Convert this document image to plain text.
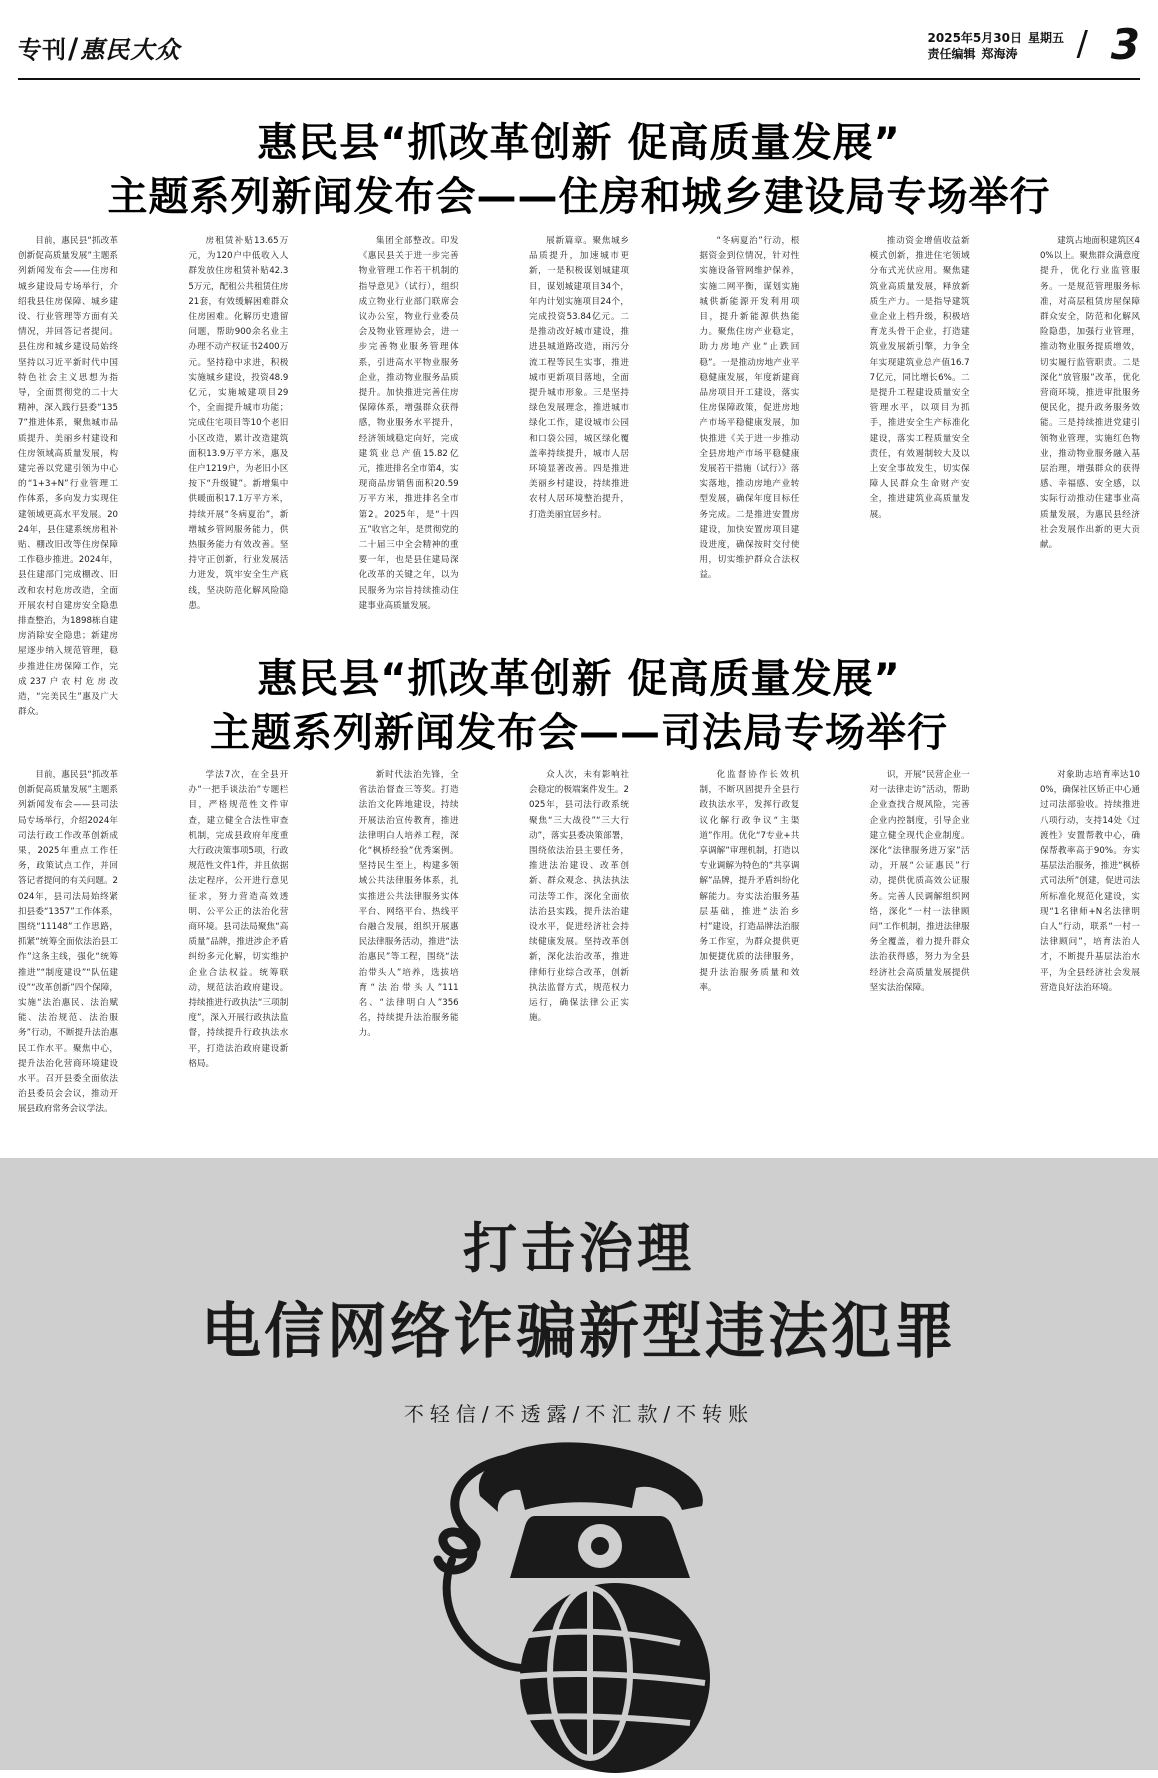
专刊/惠民大众	2025年5月30日 星期五
责任编辑 郑海涛	/ 3
惠民县“抓改革创新 促高质量发展”
主题系列新闻发布会——住房和城乡建设局专场举行

目前，惠民县“抓改革创新促高质量发展”主题系列新闻发布会——住房和城乡建设局专场举行，介绍我县住房保障、城乡建设、行业管理等方面有关情况，并回答记者提问。县住房和城乡建设局始终坚持以习近平新时代中国特色社会主义思想为指导，全面贯彻党的二十大精神，深入践行县委“1357”推进体系，聚焦城市品质提升、美丽乡村建设和住房领域高质量发展，构建完善以党建引领为中心的“1+3+N”行业管理工作体系，多向发力实现住建领域更高水平发展。2024年，县住建系统房租补贴、棚改旧改等住房保障工作稳步推进。2024年，县住建部门完成棚改、旧改和农村危房改造，全面开展农村自建房安全隐患排查整治，为1898栋自建房消除安全隐患；新建房屋逐步纳入规范管理，稳步推进住房保障工作，完成237户农村危房改造，“完美民生”惠及广大群众。

房租赁补贴13.65万元，为120户中低收入人群发放住房租赁补贴42.35万元，配租公共租赁住房21套，有效缓解困难群众住房困难。化解历史遗留问题，帮助900余名业主办理不动产权证书2400万元。坚持稳中求进，积极实施城乡建设，投资48.9亿元，实施城建项目29个，全面提升城市功能；完成住宅项目等10个老旧小区改造，累计改造建筑面积13.9万平方米，惠及住户1219户，为老旧小区按下“升级键”。新增集中供暖面积17.1万平方米，持续开展“冬病夏治”，新增城乡管网服务能力，供热服务能力有效改善。坚持守正创新，行业发展活力迸发，筑牢安全生产底线，坚决防范化解风险隐患。

集团全部整改。印发《惠民县关于进一步完善物业管理工作若干机制的指导意见》（试行），组织成立物业行业部门联席会议办公室，物业行业委员会及物业管理协会，进一步完善物业服务管理体系，引进高水平物业服务企业，推动物业服务品质提升。加快推进完善住房保障体系，增强群众获得感，物业服务水平提升，经济领域稳定向好，完成建筑业总产值15.82亿元，推进排名全市第4，实现商品房销售面积20.59万平方米，推进排名全市第2。2025年，是“十四五”收官之年，是贯彻党的二十届三中全会精神的重要一年，也是县住建局深化改革的关键之年，以为民服务为宗旨持续推动住建事业高质量发展。

展新篇章。聚焦城乡品质提升，加速城市更新，一是积极谋划城建项目，谋划城建项目34个，年内计划实施项目24个，完成投资53.84亿元。二是推动改好城市建设，推进县城道路改造，雨污分流工程等民生实事，推进城市更新项目落地，全面提升城市形象。三是坚持绿色发展理念，推进城市绿化工作，建设城市公园和口袋公园，城区绿化覆盖率持续提升，城市人居环境显著改善。四是推进美丽乡村建设，持续推进农村人居环境整治提升，打造美丽宜居乡村。

“冬病夏治”行动，根据资金到位情况，针对性实施设备管网维护保养，实施二网平衡，谋划实施城供新能源开发利用项目，提升新能源供热能力。聚焦住房产业稳定，助力房地产业“止跌回稳”。一是推动房地产业平稳健康发展，年度新建商品房项目开工建设，落实住房保障政策，促进房地产市场平稳健康发展，加快推进《关于进一步推动全县房地产市场平稳健康发展若干措施（试行）》落实落地，推动房地产业转型发展，确保年度目标任务完成。二是推进安置房建设，加快安置房项目建设进度，确保按时交付使用，切实维护群众合法权益。

推动资金增值收益新模式创新，推进住宅领域分布式光伏应用。聚焦建筑业高质量发展，释放新质生产力。一是指导建筑业企业上档升级，积极培育龙头骨干企业，打造建筑业发展新引擎，力争全年实现建筑业总产值16.77亿元，同比增长6%。二是提升工程建设质量安全管理水平，以项目为抓手，推进安全生产标准化建设，落实工程质量安全责任，有效遏制较大及以上安全事故发生，切实保障人民群众生命财产安全，推进建筑业高质量发展。

建筑占地面积建筑区40%以上。聚焦群众满意度提升，优化行业监管服务。一是规范管理服务标准，对高层租赁房屋保障群众安全，防范和化解风险隐患，加强行业管理，推动物业服务提质增效，切实履行监管职责。二是深化“放管服”改革，优化营商环境，推进审批服务便民化，提升政务服务效能。三是持续推进党建引领物业管理，实施红色物业，推动物业服务融入基层治理，增强群众的获得感、幸福感、安全感，以实际行动推动住建事业高质量发展，为惠民县经济社会发展作出新的更大贡献。

惠民县“抓改革创新 促高质量发展”
主题系列新闻发布会——司法局专场举行

目前，惠民县“抓改革创新促高质量发展”主题系列新闻发布会——县司法局专场举行，介绍2024年司法行政工作改革创新成果，2025年重点工作任务，政策试点工作，并回答记者提问的有关问题。2024年，县司法局始终紧扣县委“1357”工作体系，围绕“11148”工作思路，抓紧“统筹全面依法治县工作”这条主线，强化“统筹推进”“制度建设”“队伍建设”“改革创新”四个保障，实施“法治惠民、法治赋能、法治规范、法治服务”行动，不断提升法治惠民工作水平。聚焦中心，提升法治化营商环境建设水平。召开县委全面依法治县委员会会议，推动开展县政府常务会议学法。

学法7次，在全县开办“一把手谈法治”专题栏目，严格规范性文件审查，建立健全合法性审查机制，完成县政府年度重大行政决策事项5项，行政规范性文件1件，并且依据法定程序，公开进行意见征求，努力营造高效透明、公平公正的法治化营商环境。县司法局聚焦“高质量”品牌，推进涉企矛盾纠纷多元化解，切实维护企业合法权益。统筹联动，规范法治政府建设。持续推进行政执法“三项制度”，深入开展行政执法监督，持续提升行政执法水平，打造法治政府建设新格局。

新时代法治先锋，全省法治督查三等奖。打造法治文化阵地建设，持续开展法治宣传教育，推进法律明白人培养工程，深化“枫桥经验”优秀案例。坚持民生至上，构建多领域公共法律服务体系，扎实推进公共法律服务实体平台、网络平台、热线平台融合发展，组织开展惠民法律服务活动，推进“法治惠民”等工程，围绕“法治带头人”培养，选拔培育“法治带头人”111名、“法律明白人”356名，持续提升法治服务能力。

众人次，未有影响社会稳定的极端案件发生。2025年，县司法行政系统聚焦“三大战役”“三大行动”，落实县委决策部署，围绕依法治县主要任务，推进法治建设、改革创新、群众观念、执法执法司法等工作，深化全面依法治县实践，提升法治建设水平，促进经济社会持续健康发展。坚持改革创新，深化法治改革，推进律师行业综合改革，创新执法监督方式，规范权力运行，确保法律公正实施。

化监督协作长效机制，不断巩固提升全县行政执法水平，发挥行政复议化解行政争议“主渠道”作用。优化“7专业+共享调解”审理机制，打造以专业调解为特色的“共享调解”品牌，提升矛盾纠纷化解能力。夯实法治服务基层基础，推进“法治乡村”建设，打造品牌法治服务工作室，为群众提供更加便捷优质的法律服务，提升法治服务质量和效率。

识，开展“民营企业一对一法律走访”活动，帮助企业查找合规风险，完善企业内控制度，引导企业建立健全现代企业制度。深化“法律服务进万家”活动，开展“公证惠民”行动，提供优质高效公证服务。完善人民调解组织网络，深化“一村一法律顾问”工作机制，推进法律服务全覆盖，着力提升群众法治获得感，努力为全县经济社会高质量发展提供坚实法治保障。

对象助志培育率达100%，确保社区矫正中心通过司法部验收。持续推进八项行动，支持14处《过渡性》安置帮教中心，确保帮教率高于90%。夯实基层法治服务，推进“枫桥式司法所”创建，促进司法所标准化规范化建设，实现“1名律师+N名法律明白人”行动，联系“一村一法律顾问”，培育法治人才，不断提升基层法治水平，为全县经济社会发展营造良好法治环境。

打击治理
电信网络诈骗新型违法犯罪
不轻信/不透露/不汇款/不转账
